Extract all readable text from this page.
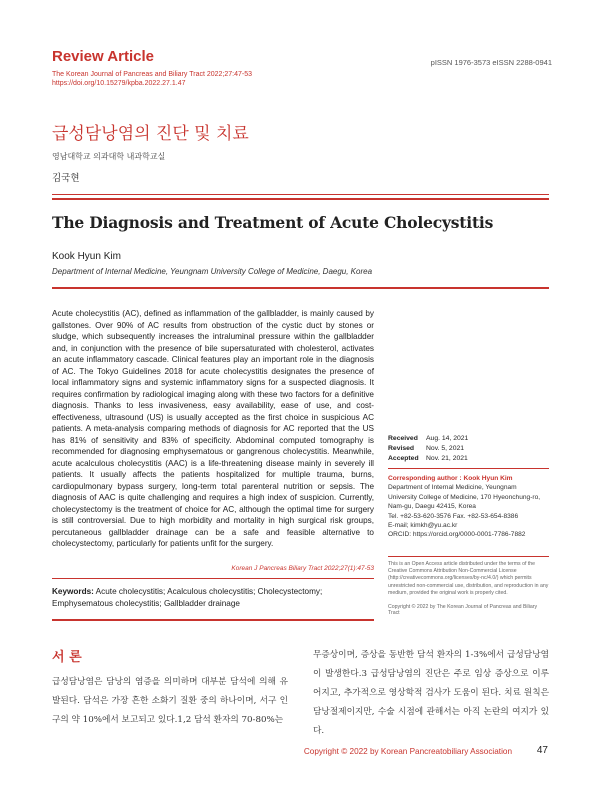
Review Article
The Korean Journal of Pancreas and Biliary Tract 2022;27:47-53
https://doi.org/10.15279/kpba.2022.27.1.47
pISSN 1976-3573 eISSN 2288-0941
급성담낭염의 진단 및 치료
영남대학교 의과대학 내과학교실
김국현
The Diagnosis and Treatment of Acute Cholecystitis
Kook Hyun Kim
Department of Internal Medicine, Yeungnam University College of Medicine, Daegu, Korea
Acute cholecystitis (AC), defined as inflammation of the gallbladder, is mainly caused by gallstones. Over 90% of AC results from obstruction of the cystic duct by stones or sludge, which subsequently increases the intraluminal pressure within the gallbladder and, in conjunction with the presence of bile supersaturated with cholesterol, activates an acute inflammatory cascade. Clinical features play an important role in the diagnosis of AC. The Tokyo Guidelines 2018 for acute cholecystitis designates the presence of local inflammatory signs and systemic inflammatory signs for a suspected diagnosis. It requires confirmation by radiological imaging along with these two factors for a definitive diagnosis. Thanks to less invasiveness, easy availability, ease of use, and cost-effectiveness, ultrasound (US) is usually accepted as the first choice in suspicious AC patients. A meta-analysis comparing methods of diagnosis for AC reported that the US has 81% of sensitivity and 83% of specificity. Abdominal computed tomography is recommended for diagnosing emphysematous or gangrenous cholecystitis. Meanwhile, acute acalculous cholecystitis (AAC) is a life-threatening disease mainly in severely ill patients. It usually affects the patients hospitalized for multiple trauma, burns, cardiopulmonary bypass surgery, long-term total parenteral nutrition or sepsis. The diagnosis of AAC is quite challenging and requires a high index of suspicion. Currently, cholecystectomy is the treatment of choice for AC, although the optimal time for surgery is still controversial. Due to high morbidity and mortality in high surgical risk groups, percutaneous gallbladder drainage can be a safe and feasible alternative to cholecystectomy, particularly for patients unfit for the surgery.
Korean J Pancreas Biliary Tract 2022;27(1):47-53
Keywords: Acute cholecystitis; Acalculous cholecystitis; Cholecystectomy; Emphysematous cholecystitis; Gallbladder drainage
Received	Aug. 14, 2021
Revised	Nov. 5, 2021
Accepted	Nov. 21, 2021
Corresponding author : Kook Hyun Kim
Department of Internal Medicine, Yeungnam
University College of Medicine, 170 Hyeonchung-ro,
Nam-gu, Daegu 42415, Korea
Tel. +82-53-620-3576 Fax. +82-53-654-8386
E-mail; kimkh@yu.ac.kr
ORCID: https://orcid.org/0000-0001-7786-7882
This is an Open Access article distributed under the terms of the Creative Commons Attribution Non-Commercial License (http://creativecommons.org/licenses/by-nc/4.0/) which permits unrestricted non-commercial use, distribution, and reproduction in any medium, provided the original work is properly cited.
Copyright © 2022 by The Korean Journal of Pancreas and Biliary Tract
서 론
급성담낭염은 담낭의 염증을 의미하며 대부분 담석에 의해 유발된다. 담석은 가장 흔한 소화기 질환 중의 하나이며, 서구 인구의 약 10%에서 보고되고 있다.1,2 담석 환자의 70-80%는
무증상이며, 증상을 동반한 담석 환자의 1-3%에서 급성담낭염이 발생한다.3 급성담낭염의 진단은 주로 임상 증상으로 이루어지고, 추가적으로 영상학적 검사가 도움이 된다. 치료 원칙은 담낭절제이지만, 수술 시점에 관해서는 아직 논란의 여지가 있다.
Copyright © 2022 by Korean Pancreatobiliary Association 47
